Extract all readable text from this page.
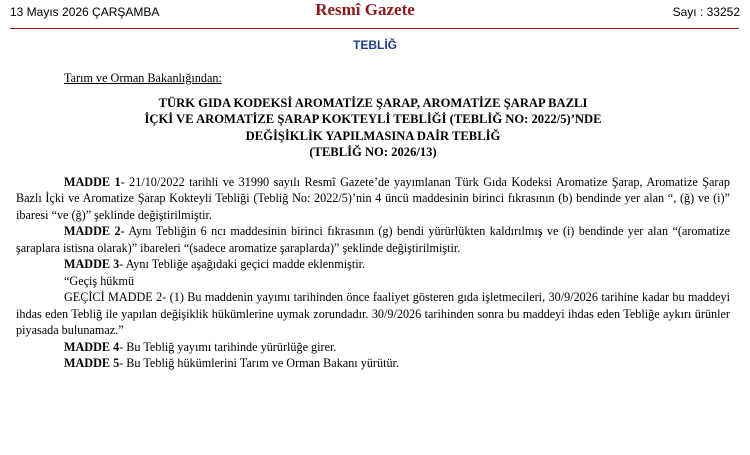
13 Mayıs 2026 ÇARŞAMBA	Resmî Gazete	Sayı : 33252
TEBLİĞ
Tarım ve Orman Bakanlığından:
TÜRK GIDA KODEKSİ AROMATİZE ŞARAP, AROMATİZE ŞARAP BAZLI
İÇKİ VE AROMATİZE ŞARAP KOKTEYLİ TEBLİĞİ (TEBLİĞ NO: 2022/5)’NDE
DEĞİŞİKLİK YAPILMASINA DAİR TEBLİĞ
(TEBLİĞ NO: 2026/13)

MADDE 1- 21/10/2022 tarihli ve 31990 sayılı Resmî Gazete’de yayımlanan Türk Gıda Kodeksi Aromatize Şarap, Aromatize Şarap Bazlı İçki ve Aromatize Şarap Kokteyli Tebliği (Tebliğ No: 2022/5)’nin 4 üncü maddesinin birinci fıkrasının (b) bendinde yer alan “, (ğ) ve (i)” ibaresi “ve (ğ)” şeklinde değiştirilmiştir.

MADDE 2- Aynı Tebliğin 6 ncı maddesinin birinci fıkrasının (g) bendi yürürlükten kaldırılmış ve (i) bendinde yer alan “(aromatize şaraplara istisna olarak)” ibareleri “(sadece aromatize şaraplarda)” şeklinde değiştirilmiştir.

MADDE 3- Aynı Tebliğe aşağıdaki geçici madde eklenmiştir.

“Geçiş hükmü

GEÇİCİ MADDE 2- (1) Bu maddenin yayımı tarihinden önce faaliyet gösteren gıda işletmecileri, 30/9/2026 tarihine kadar bu maddeyi ihdas eden Tebliğ ile yapılan değişiklik hükümlerine uymak zorundadır. 30/9/2026 tarihinden sonra bu maddeyi ihdas eden Tebliğe aykırı ürünler piyasada bulunamaz.”

MADDE 4- Bu Tebliğ yayımı tarihinde yürürlüğe girer.

MADDE 5- Bu Tebliğ hükümlerini Tarım ve Orman Bakanı yürütür.
